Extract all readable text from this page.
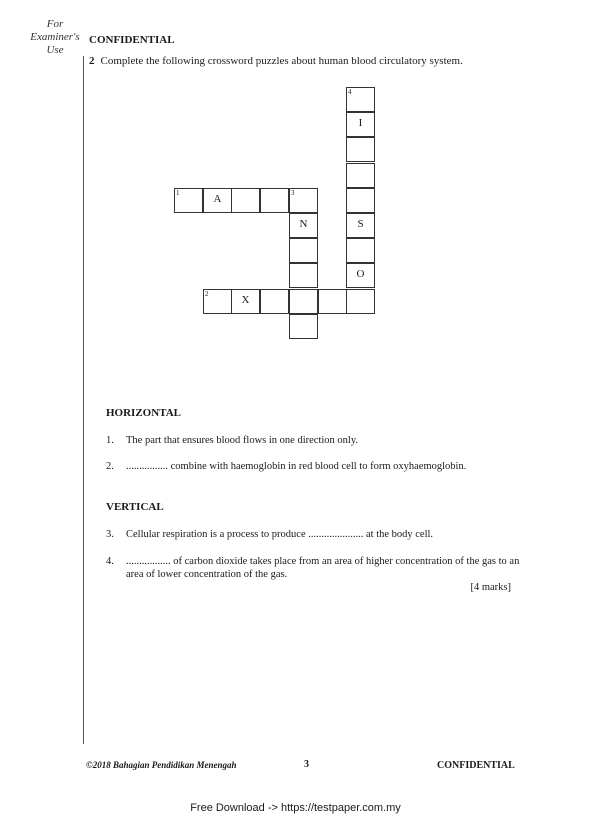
For
Examiner's
Use
CONFIDENTIAL
2 Complete the following crossword puzzles about human blood circulatory system.
4
I
1	A	3
N	S
O
2	X
HORIZONTAL
1. The part that ensures blood flows in one direction only.
2. ................ combine with haemoglobin in red blood cell to form oxyhaemoglobin.
VERTICAL
3. Cellular respiration is a process to produce ..................... at the body cell.
4. ................. of carbon dioxide takes place from an area of higher concentration of the gas to an area of lower concentration of the gas.
[4 marks]
©2018 Bahagian Pendidikan Menengah	3	CONFIDENTIAL
Free Download -> https://testpaper.com.my
